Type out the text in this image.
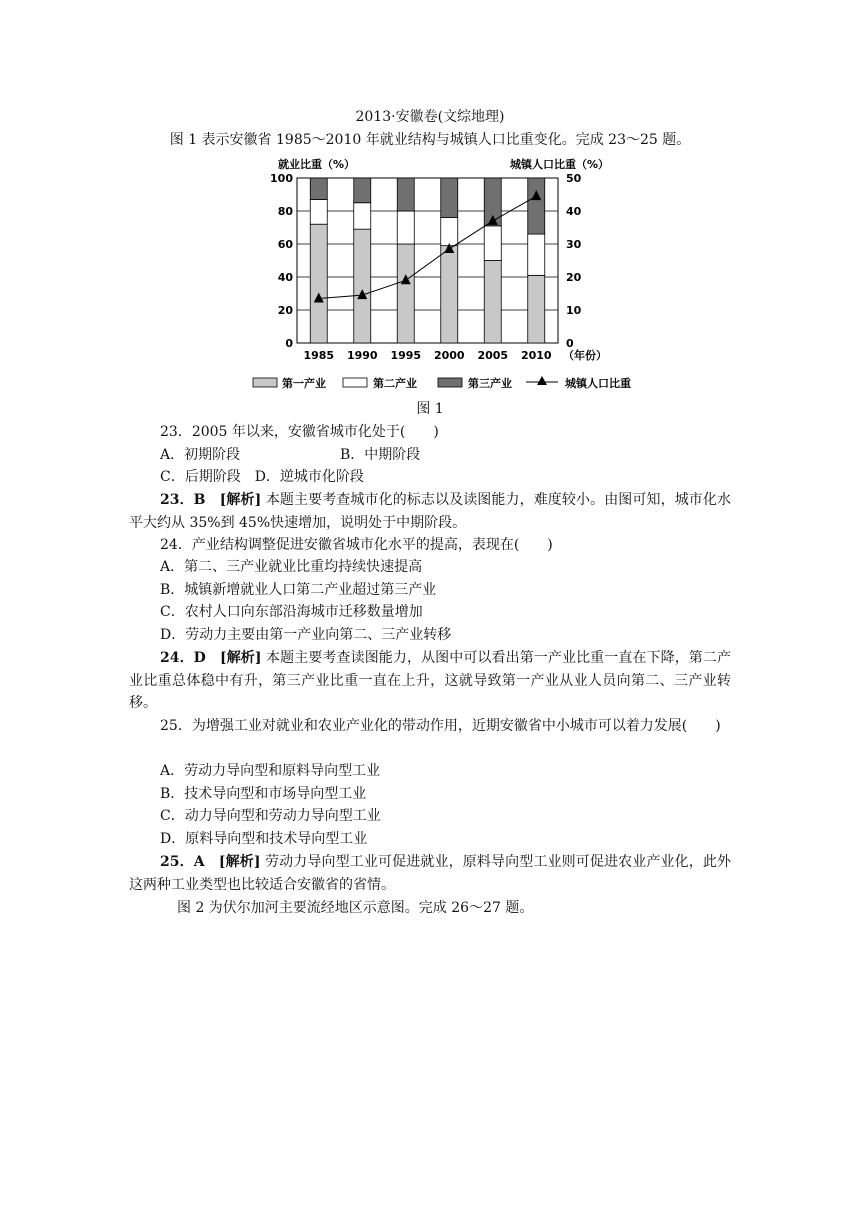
2013·安徽卷(文综地理)
图 1 表示安徽省 1985～2010 年就业结构与城镇人口比重变化。完成 23～25 题。
0
20
40
60
80
100
0
10
20
30
40
50
1985 1990 1995 2000 2005 2010
就业比重（%）	城镇人口比重（%）
（年份）
第一产业	第二产业	第三产业	城镇人口比重
图 1
23．2005 年以来，安徽省城市化处于(　　)
A．初期阶段	B．中期阶段
C．后期阶段　D．逆城市化阶段
23．B　[解析] 本题主要考查城市化的标志以及读图能力，难度较小。由图可知，城市化水平大约从 35%到 45%快速增加，说明处于中期阶段。
24．产业结构调整促进安徽省城市化水平的提高，表现在(　　)
A．第二、三产业就业比重均持续快速提高
B．城镇新增就业人口第二产业超过第三产业
C．农村人口向东部沿海城市迁移数量增加
D．劳动力主要由第一产业向第二、三产业转移
24．D　[解析] 本题主要考查读图能力，从图中可以看出第一产业比重一直在下降，第二产业比重总体稳中有升，第三产业比重一直在上升，这就导致第一产业从业人员向第二、三产业转移。
25．为增强工业对就业和农业产业化的带动作用，近期安徽省中小城市可以着力发展(　　)
A．劳动力导向型和原料导向型工业
B．技术导向型和市场导向型工业
C．动力导向型和劳动力导向型工业
D．原料导向型和技术导向型工业
25．A　[解析] 劳动力导向型工业可促进就业，原料导向型工业则可促进农业产业化，此外这两种工业类型也比较适合安徽省的省情。
图 2 为伏尔加河主要流经地区示意图。完成 26～27 题。
